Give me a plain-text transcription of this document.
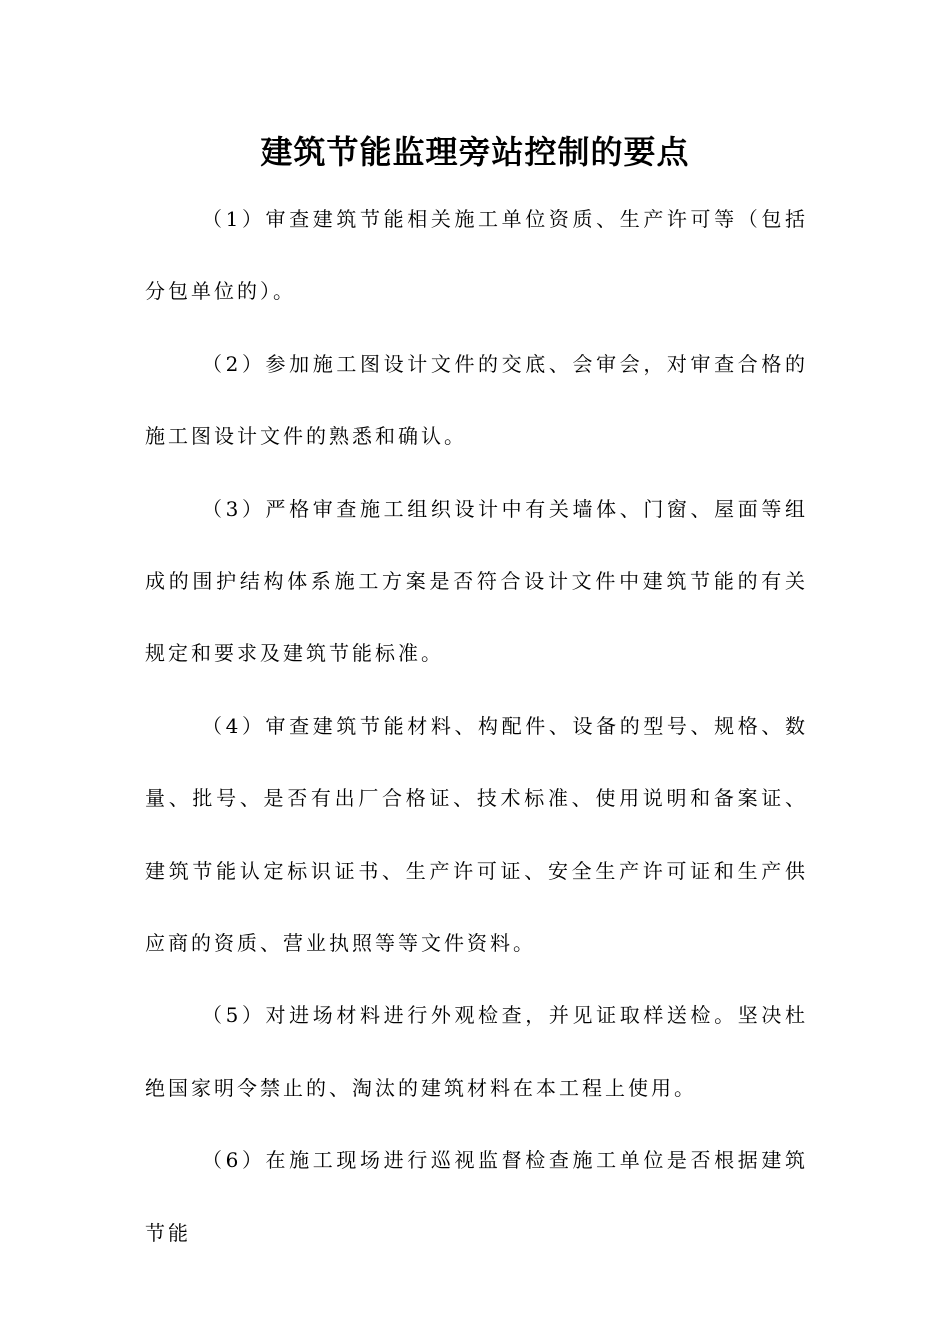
建筑节能监理旁站控制的要点

（1）审查建筑节能相关施工单位资质、生产许可等（包括分包单位的）。

（2）参加施工图设计文件的交底、会审会，对审查合格的施工图设计文件的熟悉和确认。

（3）严格审查施工组织设计中有关墙体、门窗、屋面等组成的围护结构体系施工方案是否符合设计文件中建筑节能的有关规定和要求及建筑节能标准。

（4）审查建筑节能材料、构配件、设备的型号、规格、数量、批号、是否有出厂合格证、技术标准、使用说明和备案证、建筑节能认定标识证书、生产许可证、安全生产许可证和生产供应商的资质、营业执照等等文件资料。

（5）对进场材料进行外观检查，并见证取样送检。坚决杜绝国家明令禁止的、淘汰的建筑材料在本工程上使用。

（6）在施工现场进行巡视监督检查施工单位是否根据建筑节能
